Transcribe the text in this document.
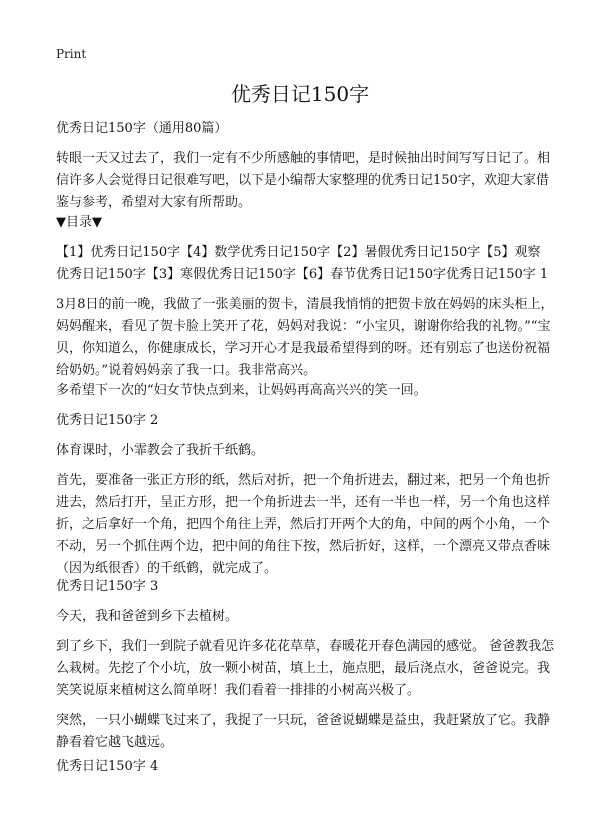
Print
优秀日记150字

优秀日记150字（通用80篇）

转眼一天又过去了，我们一定有不少所感触的事情吧，是时候抽出时间写写日记了。相信许多人会觉得日记很难写吧，以下是小编帮大家整理的优秀日记150字，欢迎大家借鉴与参考，希望对大家有所帮助。

▼目录▼

【1】优秀日记150字【4】数学优秀日记150字【2】暑假优秀日记150字【5】观察

优秀日记150字【3】寒假优秀日记150字【6】春节优秀日记150字优秀日记150字 1

3月8日的前一晚，我做了一张美丽的贺卡，清晨我悄悄的把贺卡放在妈妈的床头柜上，妈妈醒来，看见了贺卡脸上笑开了花，妈妈对我说：“小宝贝，谢谢你给我的礼物。”“宝贝，你知道么，你健康成长，学习开心才是我最希望得到的呀。还有别忘了也送份祝福给奶奶。”说着妈妈亲了我一口。我非常高兴。

多希望下一次的“妇女节快点到来，让妈妈再高高兴兴的笑一回。

优秀日记150字 2

体育课时，小霏教会了我折千纸鹤。

首先，要准备一张正方形的纸，然后对折，把一个角折进去，翻过来，把另一个角也折进去，然后打开，呈正方形，把一个角折进去一半，还有一半也一样，另一个角也这样折，之后拿好一个角，把四个角往上弄，然后打开两个大的角，中间的两个小角，一个不动，另一个抓住两个边，把中间的角往下按，然后折好，这样，一个漂亮又带点香味（因为纸很香）的千纸鹤，就完成了。

优秀日记150字 3

今天，我和爸爸到乡下去植树。

到了乡下，我们一到院子就看见许多花花草草，春暖花开春色满园的感觉。 爸爸教我怎么栽树。先挖了个小坑，放一颗小树苗，填上土，施点肥，最后浇点水，爸爸说完。我笑笑说原来植树这么简单呀！我们看着一排排的小树高兴极了。

突然，一只小蝴蝶飞过来了，我捉了一只玩，爸爸说蝴蝶是益虫，我赶紧放了它。我静静看着它越飞越远。

优秀日记150字 4
